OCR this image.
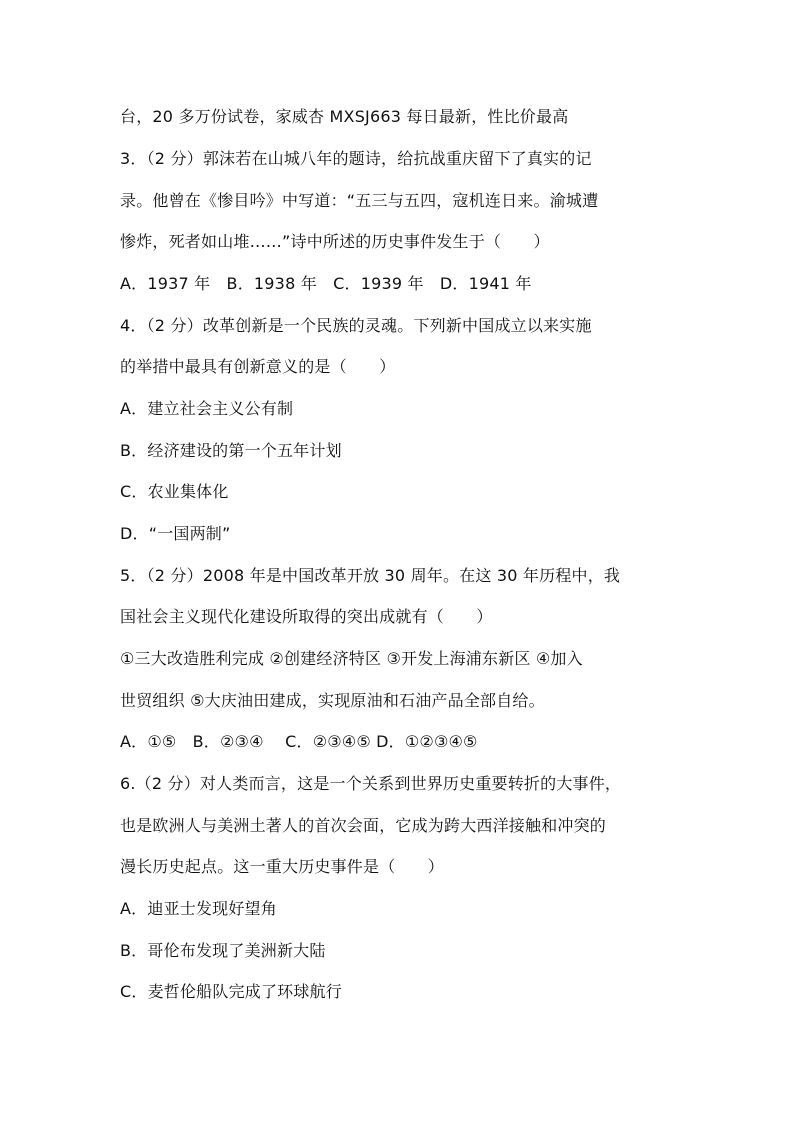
台，20 多万份试卷，家威杏 MXSJ663 每日最新，性比价最高
3．（2 分）郭沫若在山城八年的题诗，给抗战重庆留下了真实的记
录。他曾在《惨目吟》中写道：“五三与五四，寇机连日来。渝城遭
惨炸，死者如山堆……”诗中所述的历史事件发生于（　　）
A．1937 年　B．1938 年　C．1939 年　D．1941 年
4．（2 分）改革创新是一个民族的灵魂。下列新中国成立以来实施
的举措中最具有创新意义的是（　　）
A．建立社会主义公有制
B．经济建设的第一个五年计划
C．农业集体化
D．“一国两制”
5．（2 分）2008 年是中国改革开放 30 周年。在这 30 年历程中，我
国社会主义现代化建设所取得的突出成就有（　　）
①三大改造胜利完成 ②创建经济特区 ③开发上海浦东新区 ④加入
世贸组织 ⑤大庆油田建成，实现原油和石油产品全部自给。
A．①⑤　B．②③④　 C．②③④⑤ D．①②③④⑤
6.（2 分）对人类而言，这是一个关系到世界历史重要转折的大事件，
也是欧洲人与美洲土著人的首次会面，它成为跨大西洋接触和冲突的
漫长历史起点。这一重大历史事件是（　　）
A．迪亚士发现好望角
B．哥伦布发现了美洲新大陆
C．麦哲伦船队完成了环球航行
